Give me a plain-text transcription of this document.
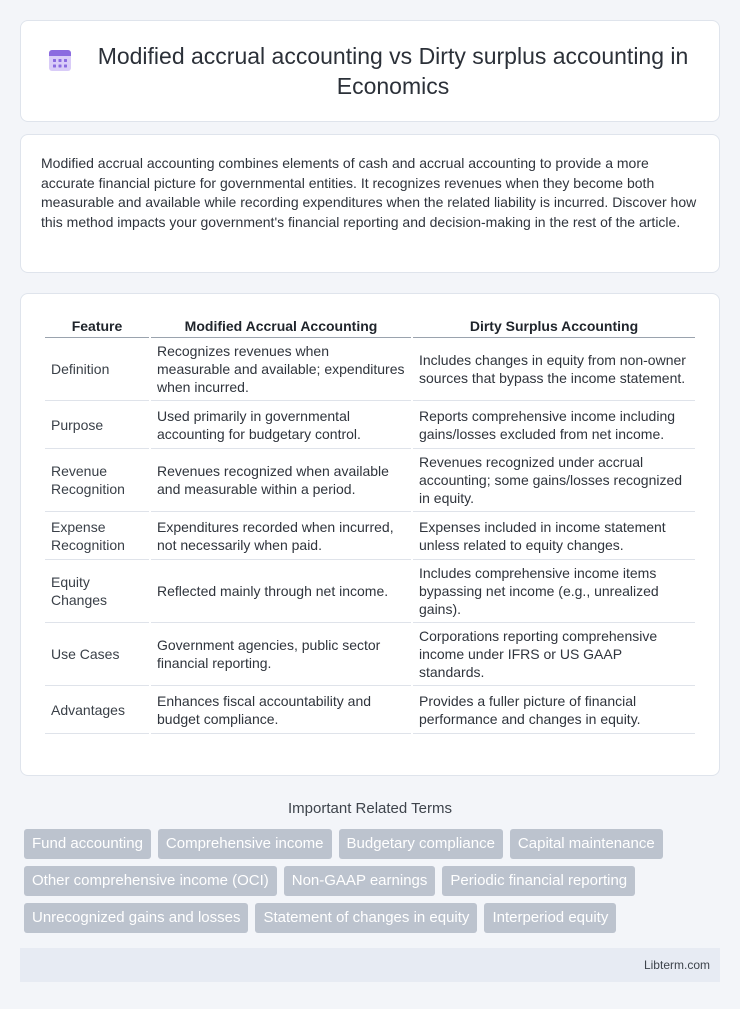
Modified accrual accounting vs Dirty surplus accounting in Economics

Modified accrual accounting combines elements of cash and accrual accounting to provide a more accurate financial picture for governmental entities. It recognizes revenues when they become both measurable and available while recording expenditures when the related liability is incurred. Discover how this method impacts your government's financial reporting and decision-making in the rest of the article.

Feature	Modified Accrual Accounting	Dirty Surplus Accounting
Definition	Recognizes revenues when measurable and available; expenditures when incurred.	Includes changes in equity from non-owner sources that bypass the income statement.
Purpose	Used primarily in governmental accounting for budgetary control.	Reports comprehensive income including gains/losses excluded from net income.
Revenue Recognition	Revenues recognized when available and measurable within a period.	Revenues recognized under accrual accounting; some gains/losses recognized in equity.
Expense Recognition	Expenditures recorded when incurred, not necessarily when paid.	Expenses included in income statement unless related to equity changes.
Equity Changes	Reflected mainly through net income.	Includes comprehensive income items bypassing net income (e.g., unrealized gains).
Use Cases	Government agencies, public sector financial reporting.	Corporations reporting comprehensive income under IFRS or US GAAP standards.
Advantages	Enhances fiscal accountability and budget compliance.	Provides a fuller picture of financial performance and changes in equity.
Important Related Terms
Fund accounting	Comprehensive income	Budgetary compliance	Capital maintenance
Other comprehensive income (OCI)	Non-GAAP earnings	Periodic financial reporting
Unrecognized gains and losses	Statement of changes in equity	Interperiod equity
Libterm.com
